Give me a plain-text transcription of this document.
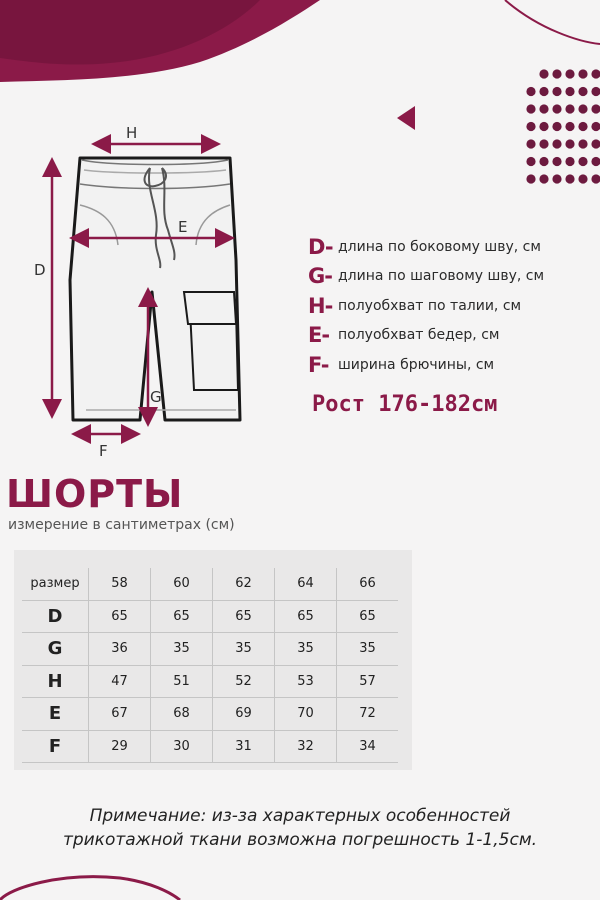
H
E
D
G
F
D- длина по боковому шву, см
G- длина по шаговому шву, см
H- полуобхват по талии, см
E- полуобхват бедер, см
F- ширина брючины, см
Рост 176-182см
ШОРТЫ
измерение в сантиметрах (см)
размер	58	60	62	64	66
D	65	65	65	65	65
G	36	35	35	35	35
H	47	51	52	53	57
E	67	68	69	70	72
F	29	30	31	32	34
Примечание: из-за характерных особенностей
трикотажной ткани возможна погрешность 1-1,5см.
